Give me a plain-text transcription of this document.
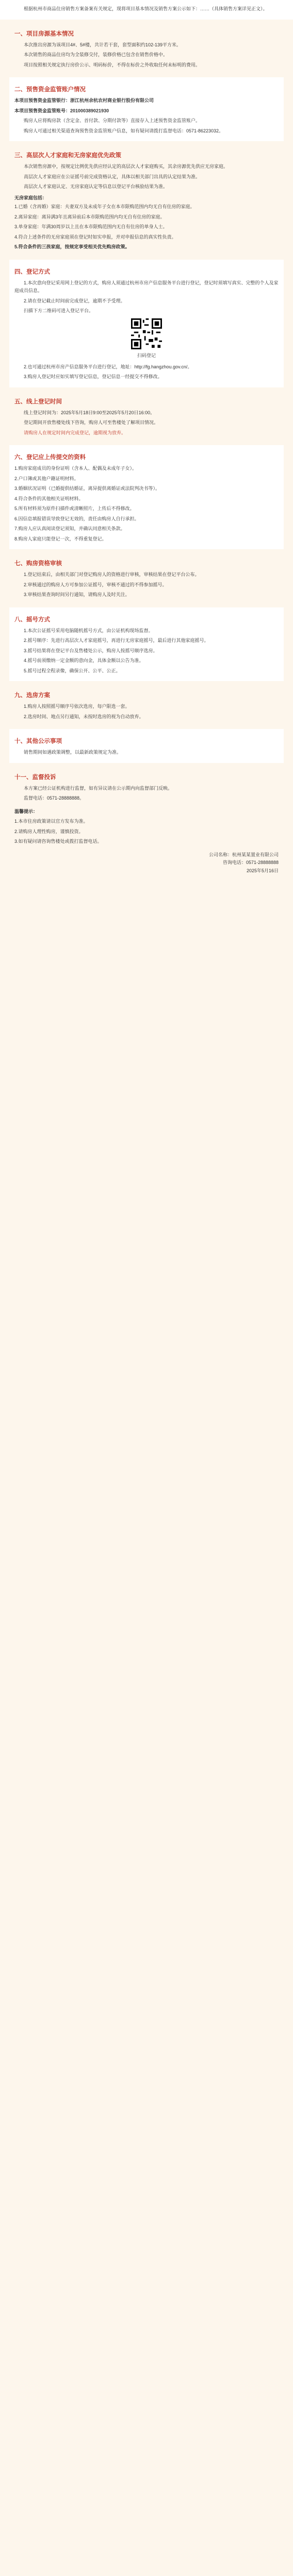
根据杭州市商品住房销售方案备案有关规定，现将项目基本情况及销售方案公示如下：……（具体销售方案详见正文）。

一、项目房源基本情况

本次推出房源为该项目4#、5#楼，共计若干套，套型面积约102-139平方米。

本次销售的商品住房均为全装修交付，装修价格已包含在销售价格中。

项目按照相关规定执行房价公示、明码标价，不得在标价之外收取任何未标明的费用。

二、预售资金监管账户情况

本项目预售资金监管银行：浙江杭州余杭农村商业银行股份有限公司

本项目预售资金监管账号：201000389021930

购房人应将购房款（含定金、首付款、分期付款等）直接存入上述预售资金监管账户。

购房人可通过相关渠道查询预售资金监管账户信息，如有疑问请拨打监督电话：0571-86223032。

三、高层次人才家庭和无房家庭优先政策

本次销售房源中，按规定比例优先供应经认定的高层次人才家庭购买，其余房源优先供应无房家庭。

高层次人才家庭应在公证摇号前完成资格认定，具体以相关部门出具的认定结果为准。

高层次人才家庭认定、无房家庭认定等信息以登记平台核验结果为准。

无房家庭包括：

1.已婚（含再婚）家庭：夫妻双方及未成年子女在本市限购范围内均无自有住房的家庭。

2.离异家庭：离异满3年且离异前后本市限购范围内均无自有住房的家庭。

3.单身家庭：年满30周岁以上且在本市限购范围内无自有住房的单身人士。

4.符合上述条件的无房家庭须在登记时如实申报，并对申报信息的真实性负责。

5.符合条件的三孩家庭，按规定享受相关优先购房政策。

四、登记方式

1.本次意向登记采用网上登记的方式，购房人须通过杭州市房产信息服务平台进行登记，登记时须填写真实、完整的个人及家庭成员信息。

2.请在登记截止时间前完成登记，逾期不予受理。

扫描下方二维码可进入登记平台。

扫码登记

2.也可通过杭州市房产信息服务平台进行登记，地址：http://fg.hangzhou.gov.cn/。

3.购房人登记时应如实填写登记信息，登记信息一经提交不得修改。

五、线上登记时间

线上登记时间为：2025年5月18日9:00至2025年5月20日16:00。

登记期间开放售楼处线下咨询，购房人可至售楼处了解项目情况。

请购房人在规定时间内完成登记，逾期视为放弃。

六、登记应上传提交的资料

1.购房家庭成员的身份证明（含本人、配偶及未成年子女）。

2.户口簿或其他户籍证明材料。

3.婚姻状况证明（已婚提供结婚证，离异提供离婚证或法院判决书等）。

4.符合条件的其他相关证明材料。

5.所有材料须为原件扫描件或清晰照片，上传后不得修改。

6.因信息填报错误导致登记无效的，责任由购房人自行承担。

7.购房人应认真阅读登记须知，并确认同意相关条款。

8.购房人家庭只能登记一次，不得重复登记。

七、购房资格审核

1.登记结束后，由相关部门对登记购房人的资格进行审核，审核结果在登记平台公布。

2.审核通过的购房人方可参加公证摇号，审核不通过的不得参加摇号。

3.审核结果查询时间另行通知，请购房人及时关注。

八、摇号方式

1.本次公证摇号采用电脑随机摇号方式，由公证机构现场监督。

2.摇号顺序：先进行高层次人才家庭摇号，再进行无房家庭摇号，最后进行其他家庭摇号。

3.摇号结果将在登记平台及售楼处公示，购房人按摇号顺序选房。

4.摇号前须缴纳一定金额的意向金，具体金额以公告为准。

5.摇号过程全程录像，确保公开、公平、公正。

九、选房方案

1.购房人按照摇号顺序号依次选房，每户限选一套。

2.选房时间、地点另行通知，未按时选房的视为自动放弃。

十、其他公示事项

销售期间如遇政策调整，以最新政策规定为准。

十一、监督投诉

本方案已经公证机构进行监督，如有异议请在公示期内向监督部门反映。

监督电话：0571-28888888。

温馨提示：

1.本市住房政策请以官方发布为准。

2.请购房人理性购房，谨慎投资。

3.如有疑问请咨询售楼处或拨打监督电话。

公司名称：杭州某某置业有限公司
咨询电话：0571-28888888
2025年5月16日
